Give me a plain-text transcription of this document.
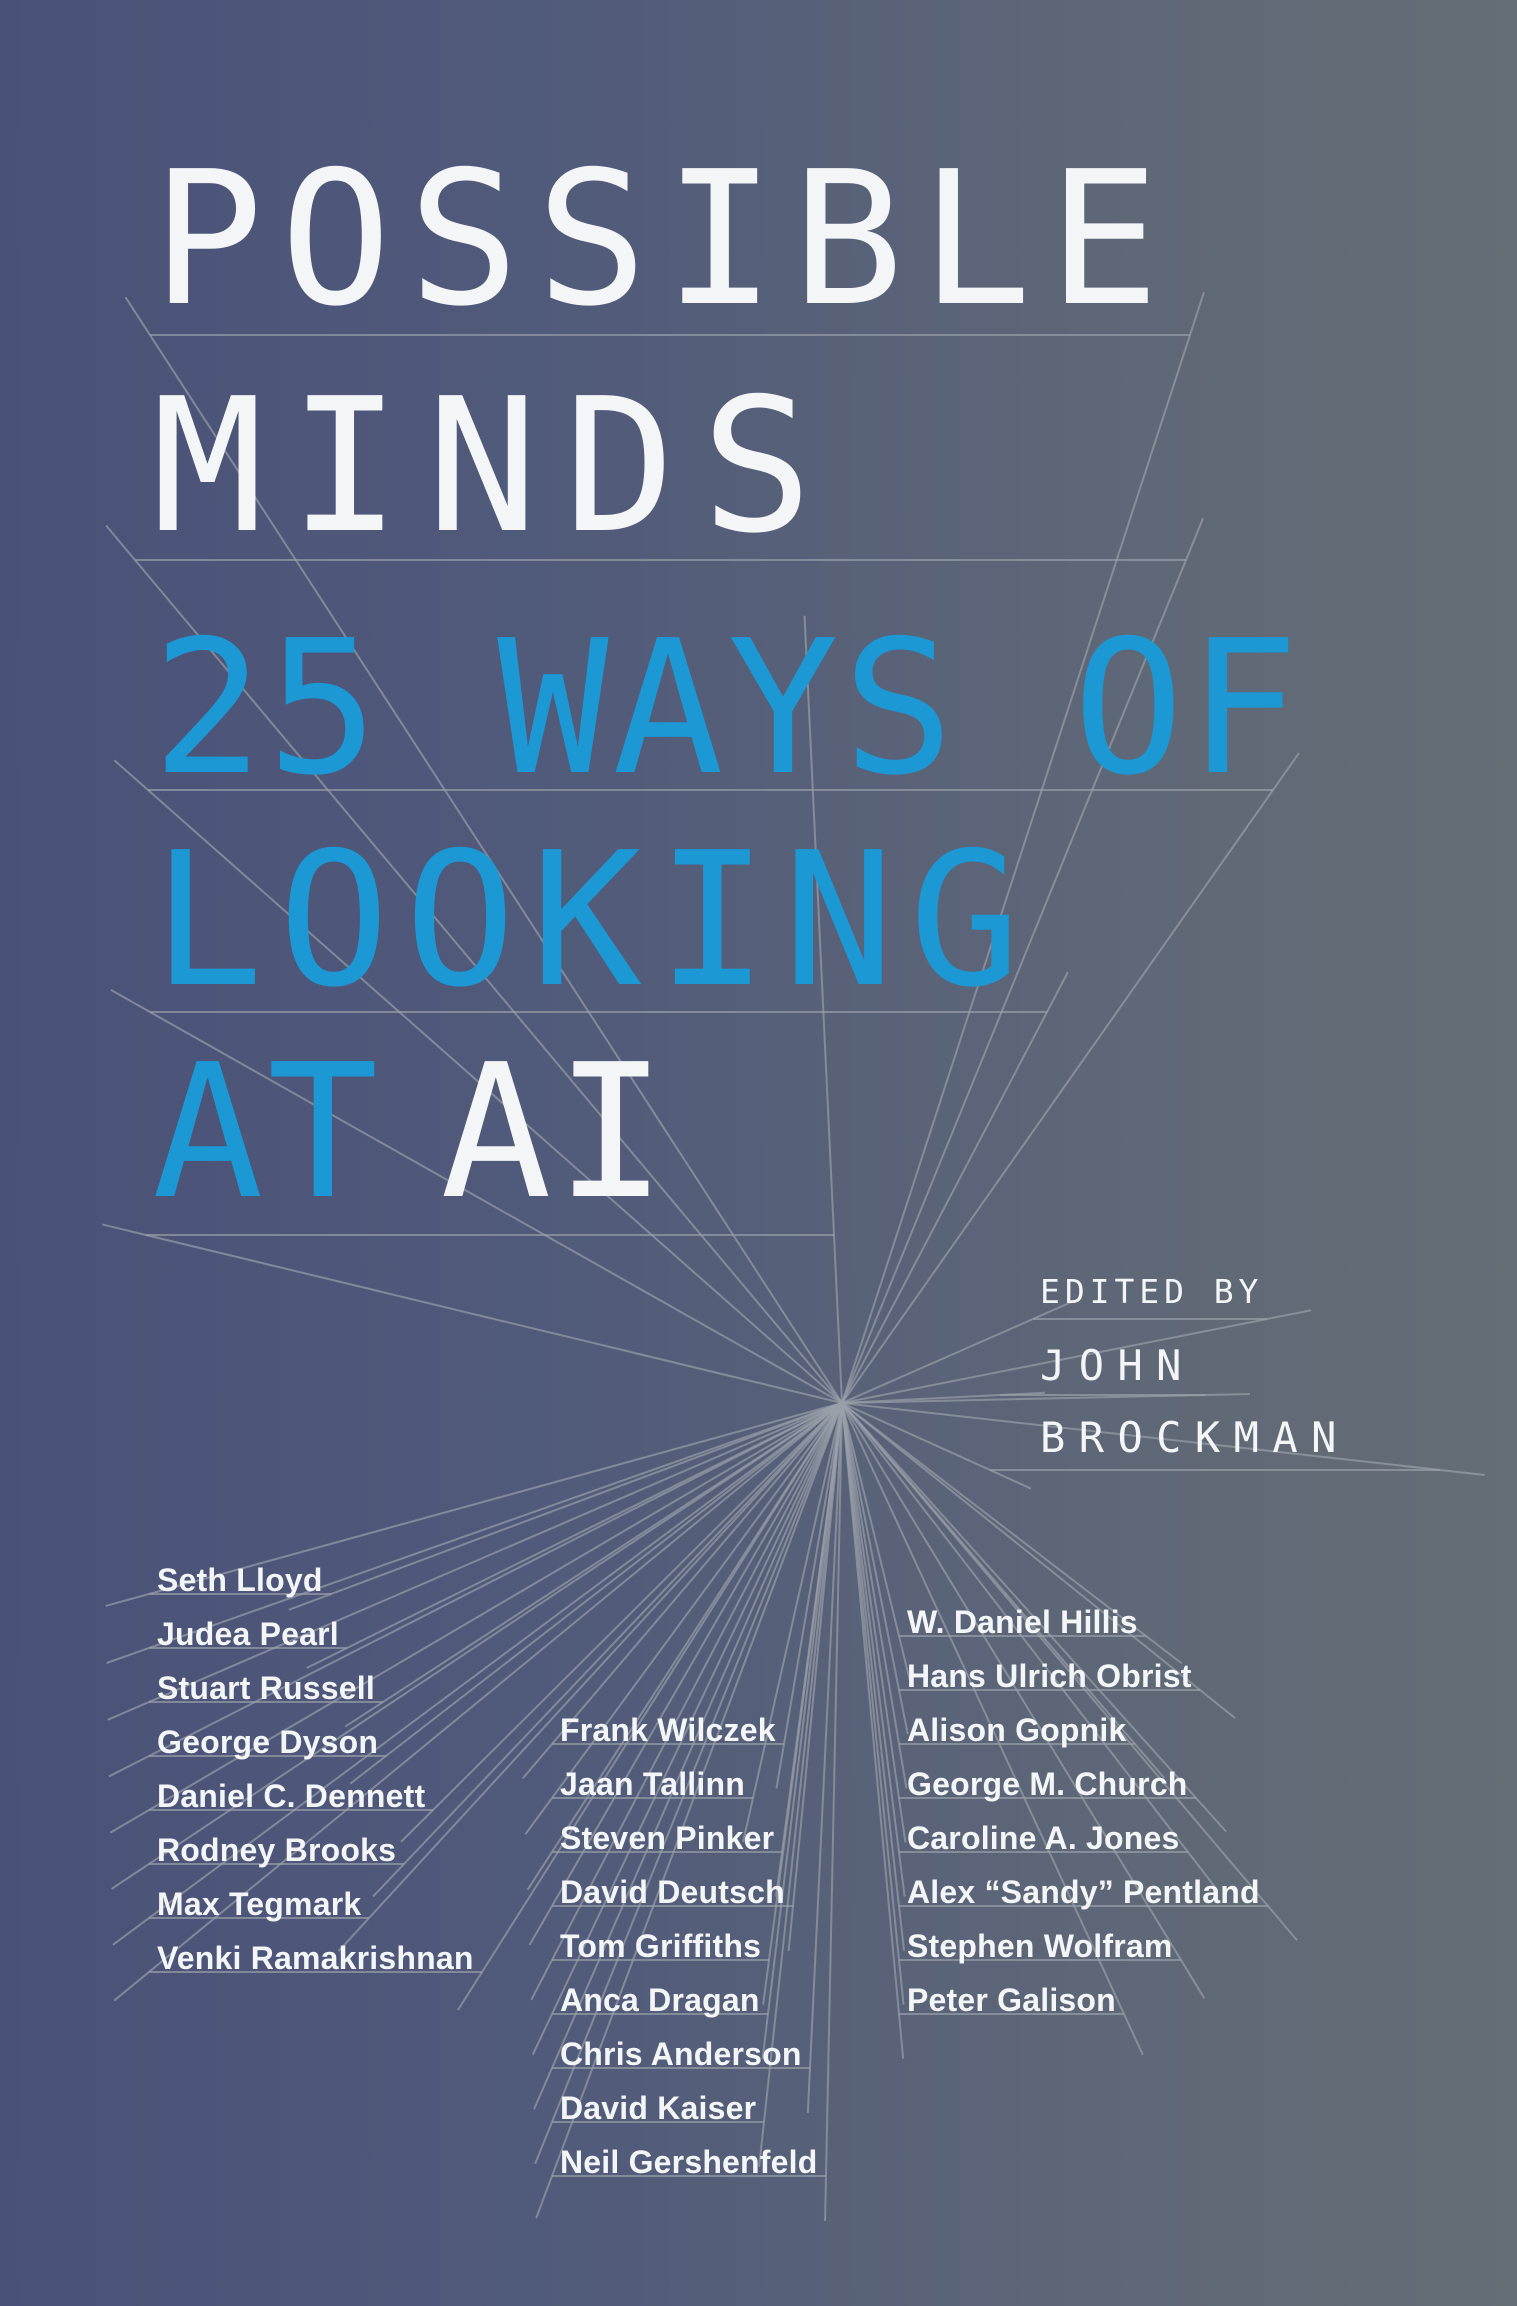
POSSIBLE
MINDS
25 WAYS OF
LOOKING
AT AI
EDITED BY
JOHN
BROCKMAN
Seth Lloyd
Judea Pearl
Stuart Russell
George Dyson
Daniel C. Dennett
Rodney Brooks
Max Tegmark
Venki Ramakrishnan
Frank Wilczek
Jaan Tallinn
Steven Pinker
David Deutsch
Tom Griffiths
Anca Dragan
Chris Anderson
David Kaiser
Neil Gershenfeld
W. Daniel Hillis
Hans Ulrich Obrist
Alison Gopnik
George M. Church
Caroline A. Jones
Alex “Sandy” Pentland
Stephen Wolfram
Peter Galison
